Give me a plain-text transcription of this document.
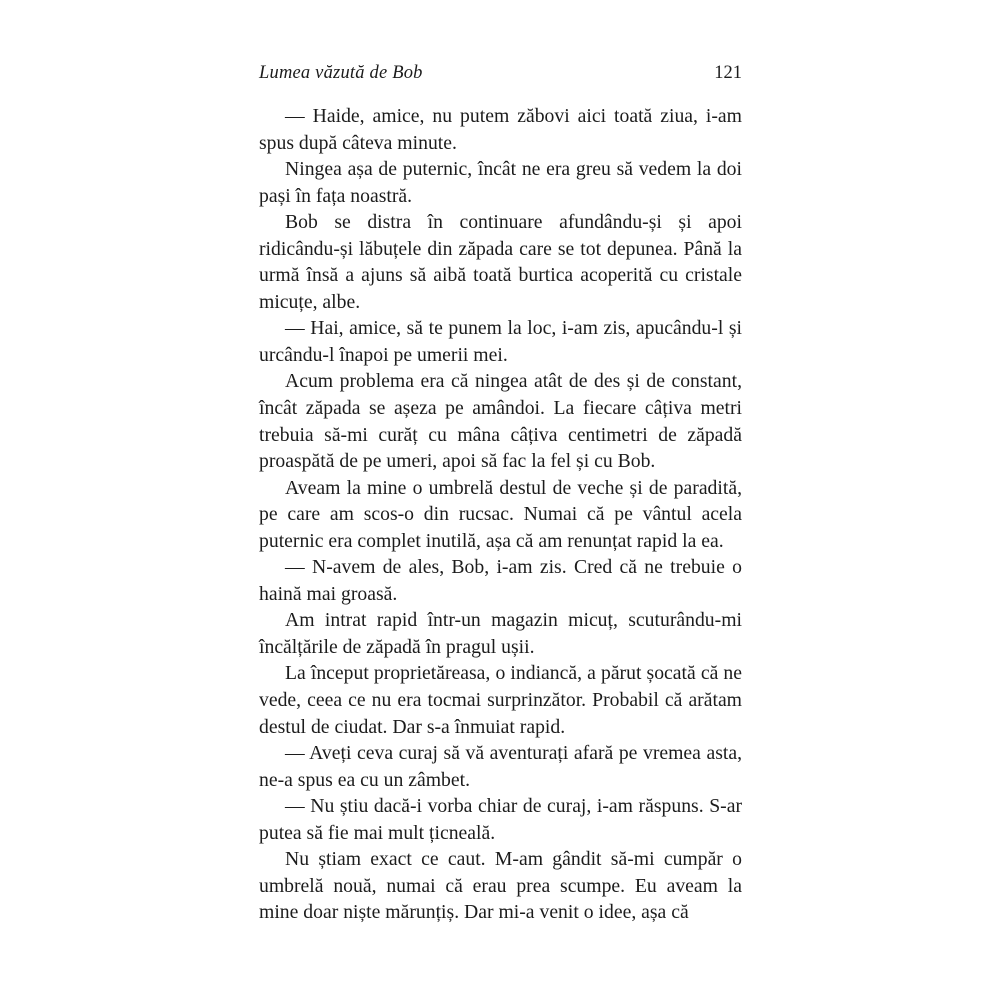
Lumea văzută de Bob	121

— Haide, amice, nu putem zăbovi aici toată ziua, i-am spus după câteva minute.

Ningea așa de puternic, încât ne era greu să vedem la doi pași în fața noastră.

Bob se distra în continuare afundându-și și apoi ridicându-și lăbuțele din zăpada care se tot depunea. Până la urmă însă a ajuns să aibă toată burtica acoperită cu cristale micuțe, albe.

— Hai, amice, să te punem la loc, i-am zis, apucându-l și urcându-l înapoi pe umerii mei.

Acum problema era că ningea atât de des și de constant, încât zăpada se așeza pe amândoi. La fiecare câțiva metri trebuia să-mi curăț cu mâna câțiva centimetri de zăpadă proaspătă de pe umeri, apoi să fac la fel și cu Bob.

Aveam la mine o umbrelă destul de veche și de paradită, pe care am scos-o din rucsac. Numai că pe vântul acela puternic era complet inutilă, așa că am renunțat rapid la ea.

— N-avem de ales, Bob, i-am zis. Cred că ne trebuie o haină mai groasă.

Am intrat rapid într-un magazin micuț, scuturându-mi încălțările de zăpadă în pragul ușii.

La început proprietăreasa, o indiancă, a părut șocată că ne vede, ceea ce nu era tocmai surprinzător. Probabil că arătam destul de ciudat. Dar s-a înmuiat rapid.

— Aveți ceva curaj să vă aventurați afară pe vremea asta, ne-a spus ea cu un zâmbet.

— Nu știu dacă-i vorba chiar de curaj, i-am răspuns. S-ar putea să fie mai mult țicneală.

Nu știam exact ce caut. M-am gândit să-mi cumpăr o umbrelă nouă, numai că erau prea scumpe. Eu aveam la mine doar niște mărunțiș. Dar mi-a venit o idee, așa că
